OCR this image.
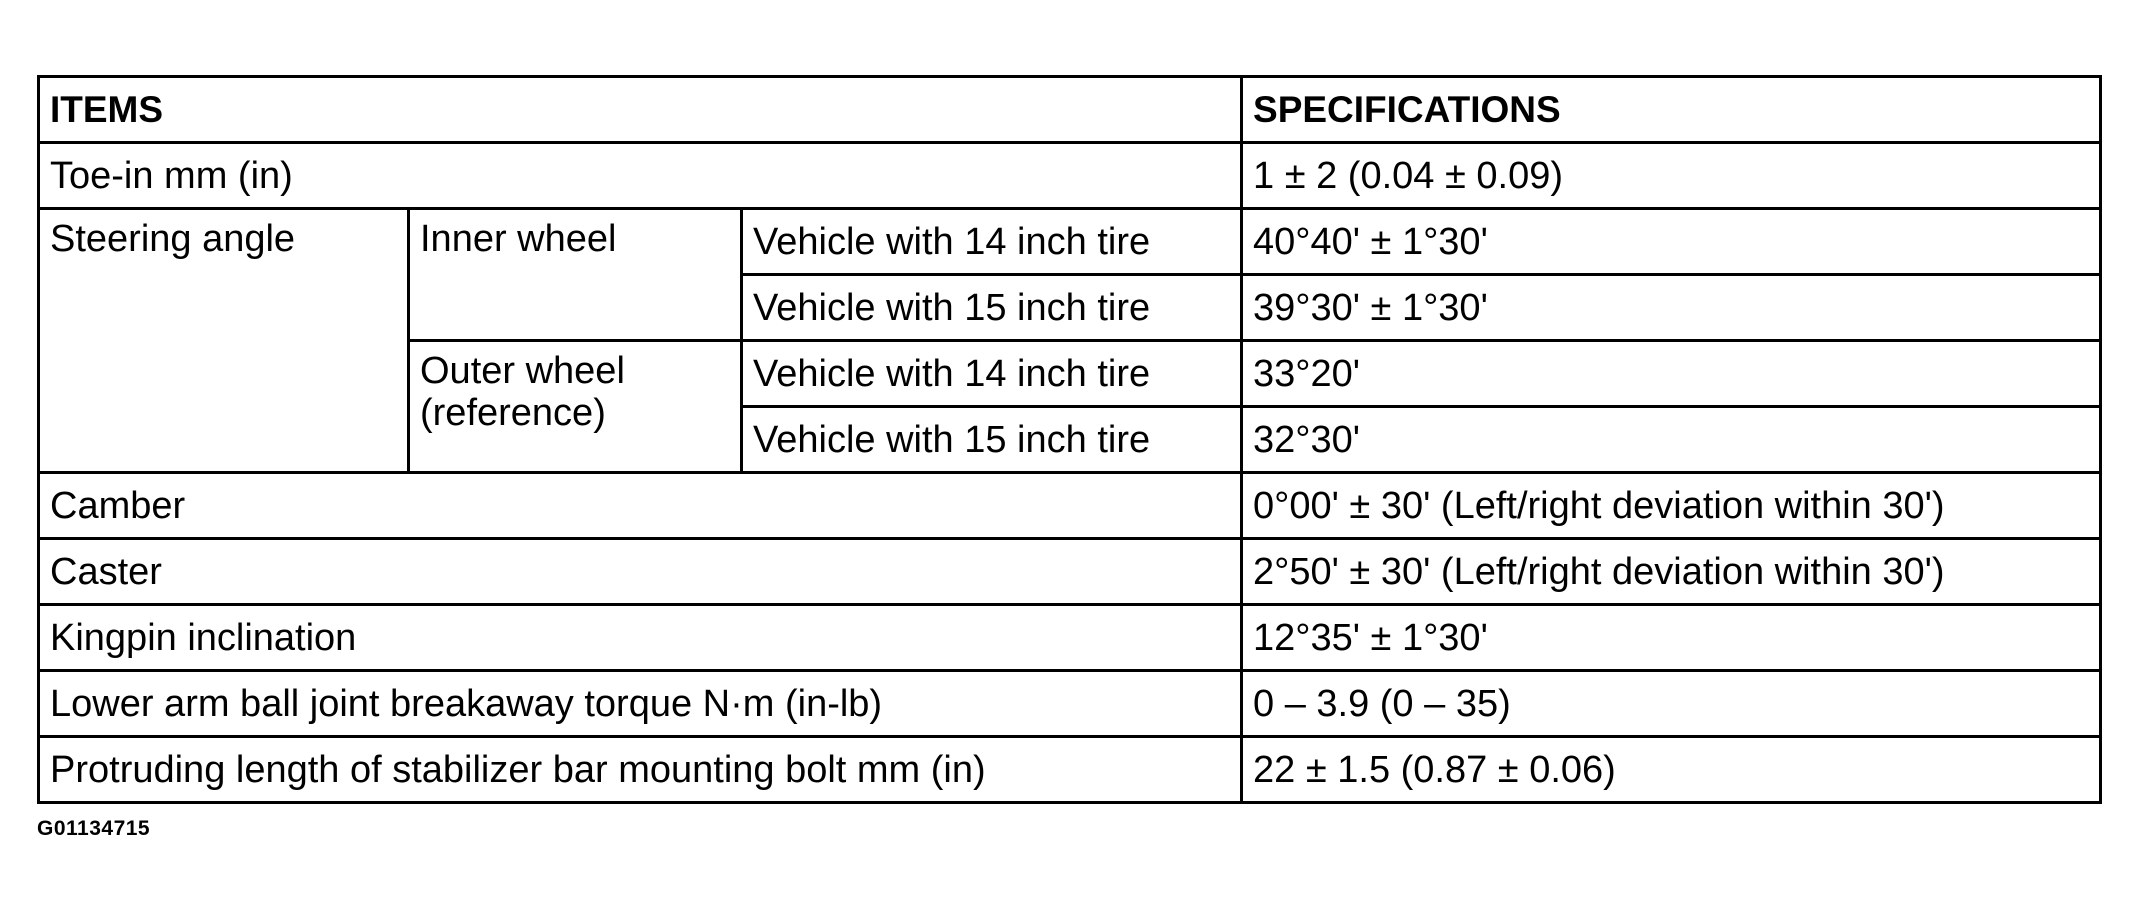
ITEMS			SPECIFICATIONS
Toe-in mm (in)			1 ± 2 (0.04 ± 0.09)
Steering angle	Inner wheel	Vehicle with 14 inch tire	40°40' ± 1°30'
		Vehicle with 15 inch tire	39°30' ± 1°30'
	Outer wheel (reference)	Vehicle with 14 inch tire	33°20'
		Vehicle with 15 inch tire	32°30'
Camber			0°00' ± 30' (Left/right deviation within 30')
Caster			2°50' ± 30' (Left/right deviation within 30')
Kingpin inclination			12°35' ± 1°30'
Lower arm ball joint breakaway torque N·m (in-lb)			0 – 3.9 (0 – 35)
Protruding length of stabilizer bar mounting bolt mm (in)			22 ± 1.5 (0.87 ± 0.06)
G01134715
